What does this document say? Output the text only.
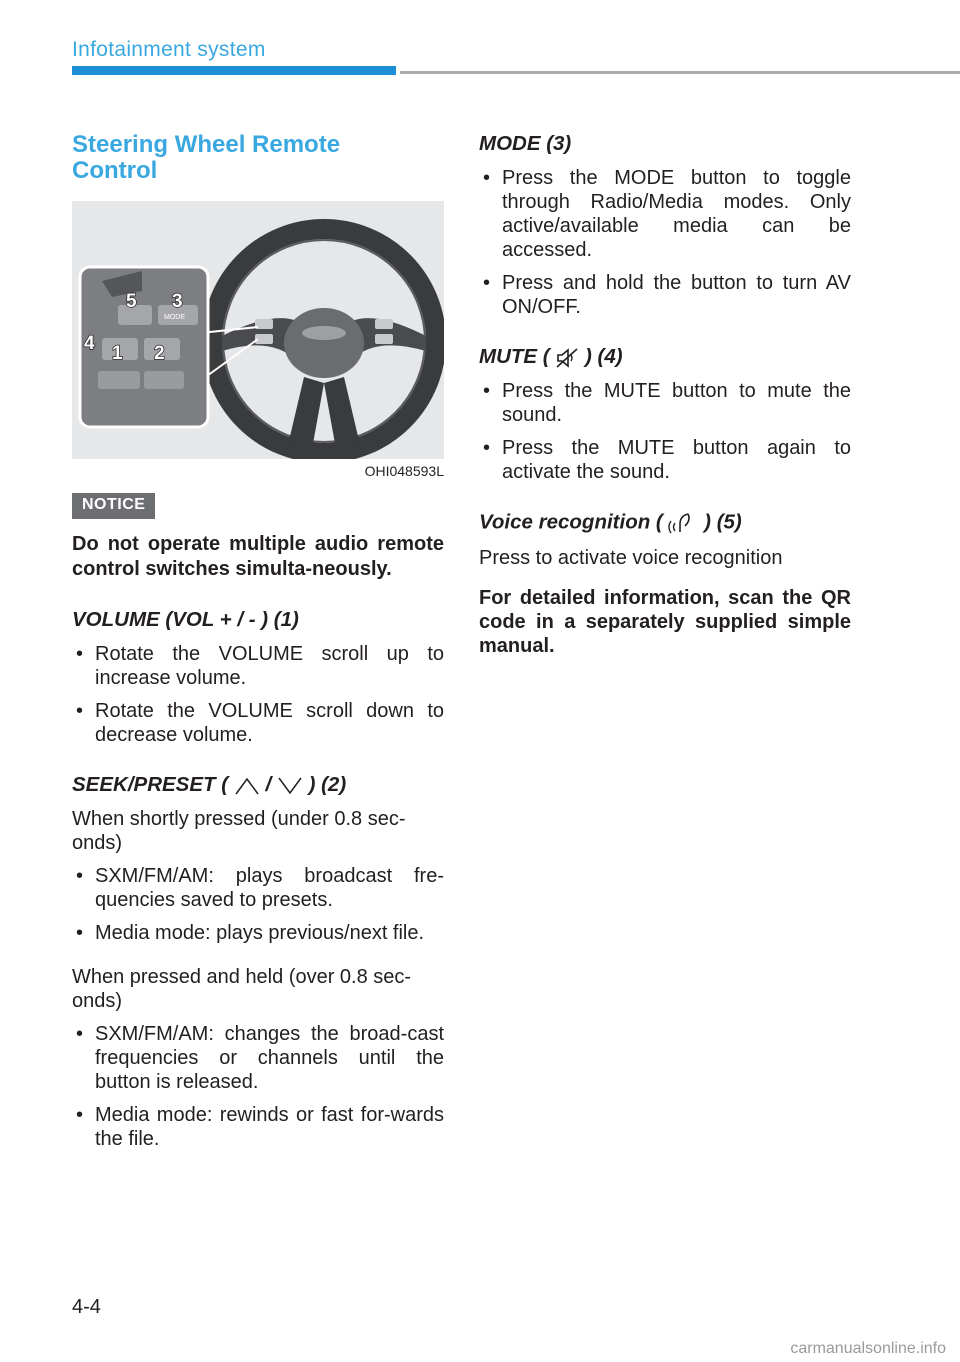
Infotainment system
Steering Wheel Remote
Control
MODE
5 3
4 1 2
OHI048593L
NOTICE
Do not operate multiple audio remote control switches simulta-neously.
VOLUME (VOL + / - ) (1)
• Rotate the VOLUME scroll up to increase volume.
• Rotate the VOLUME scroll down to decrease volume.
SEEK/PRESET ( / ) (2)
When shortly pressed (under 0.8 sec-onds)
• SXM/FM/AM: plays broadcast fre-quencies saved to presets.
• Media mode: plays previous/next file.
When pressed and held (over 0.8 sec-onds)
• SXM/FM/AM: changes the broad-cast frequencies or channels until the button is released.
• Media mode: rewinds or fast for-wards the file.
MODE (3)
• Press the MODE button to toggle through Radio/Media modes. Only active/available media can be accessed.
• Press and hold the button to turn AV ON/OFF.
MUTE ( ) (4)
• Press the MUTE button to mute the sound.
• Press the MUTE button again to activate the sound.
Voice recognition ( ) (5)
Press to activate voice recognition
For detailed information, scan the QR code in a separately supplied simple manual.
4-4
carmanualsonline.info
